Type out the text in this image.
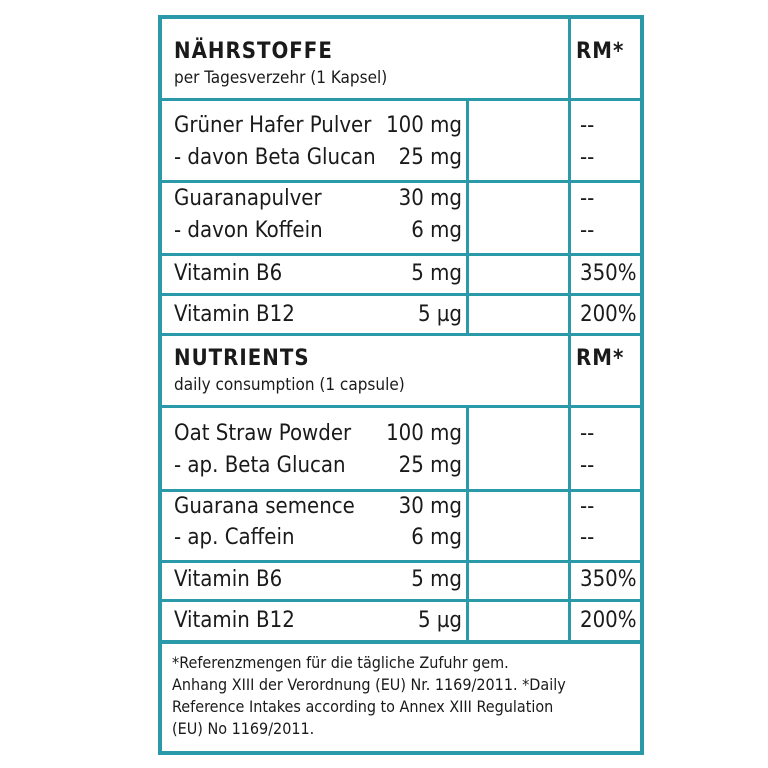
NÄHRSTOFFE
per Tagesverzehr (1 Kapsel)
RM*
Grüner Hafer Pulver 100 mg	--
- davon Beta Glucan	25 mg	--
Guaranapulver	30 mg	--
- davon Koffein	6 mg	--
Vitamin B6	5 mg	350%
Vitamin B12	5 µg	200%
NUTRIENTS
daily consumption (1 capsule)
RM*
Oat Straw Powder	100 mg	--
- ap. Beta Glucan	25 mg	--
Guarana semence	30 mg	--
- ap. Caffein	6 mg	--
Vitamin B6	5 mg	350%
Vitamin B12	5 µg	200%
*Referenzmengen für die tägliche Zufuhr gem.
Anhang XIII der Verordnung (EU) Nr. 1169/2011. *Daily
Reference Intakes according to Annex XIII Regulation
(EU) No 1169/2011.
